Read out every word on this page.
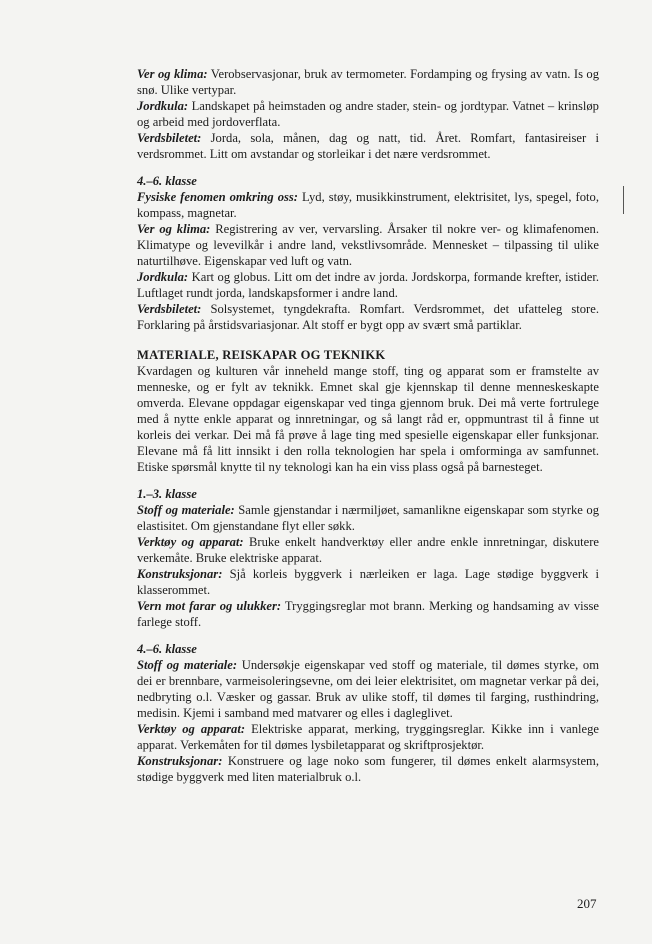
Ver og klima: Verobservasjonar, bruk av termometer. Fordamping og frysing av vatn. Is og snø. Ulike vertypar.

Jordkula: Landskapet på heimstaden og andre stader, stein- og jordtypar. Vatnet – krinsløp og arbeid med jordoverflata.

Verdsbiletet: Jorda, sola, månen, dag og natt, tid. Året. Romfart, fantasireiser i verdsrommet. Litt om avstandar og storleikar i det nære verdsrommet.

4.–6. klasse

Fysiske fenomen omkring oss: Lyd, støy, musikkinstrument, elektrisitet, lys, spegel, foto, kompass, magnetar.

Ver og klima: Registrering av ver, vervarsling. Årsaker til nokre ver- og klimafenomen. Klimatype og levevilkår i andre land, vekstlivsområde. Mennesket – tilpassing til ulike naturtilhøve. Eigenskapar ved luft og vatn.

Jordkula: Kart og globus. Litt om det indre av jorda. Jordskorpa, formande krefter, istider. Luftlaget rundt jorda, landskapsformer i andre land.

Verdsbiletet: Solsystemet, tyngdekrafta. Romfart. Verdsrommet, det ufatteleg store. Forklaring på årstidsvariasjonar. Alt stoff er bygt opp av svært små partiklar.

MATERIALE, REISKAPAR OG TEKNIKK

Kvardagen og kulturen vår inneheld mange stoff, ting og apparat som er framstelte av menneske, og er fylt av teknikk. Emnet skal gje kjennskap til denne menneskeskapte omverda. Elevane oppdagar eigenskapar ved tinga gjennom bruk. Dei må verte fortrulege med å nytte enkle apparat og innretningar, og så langt råd er, oppmuntrast til å finne ut korleis dei verkar. Dei må få prøve å lage ting med spesielle eigenskapar eller funksjonar. Elevane må få litt innsikt i den rolla teknologien har spela i omforminga av samfunnet. Etiske spørsmål knytte til ny teknologi kan ha ein viss plass også på barnesteget.

1.–3. klasse

Stoff og materiale: Samle gjenstandar i nærmiljøet, samanlikne eigenskapar som styrke og elastisitet. Om gjenstandane flyt eller søkk.

Verktøy og apparat: Bruke enkelt handverktøy eller andre enkle innretningar, diskutere verkemåte. Bruke elektriske apparat.

Konstruksjonar: Sjå korleis byggverk i nærleiken er laga. Lage stødige byggverk i klasserommet.

Vern mot farar og ulukker: Tryggingsreglar mot brann. Merking og handsaming av visse farlege stoff.

4.–6. klasse

Stoff og materiale: Undersøkje eigenskapar ved stoff og materiale, til dømes styrke, om dei er brennbare, varmeisoleringsevne, om dei leier elektrisitet, om magnetar verkar på dei, nedbryting o.l. Væsker og gassar. Bruk av ulike stoff, til dømes til farging, rusthindring, medisin. Kjemi i samband med matvarer og elles i dagleglivet.

Verktøy og apparat: Elektriske apparat, merking, tryggingsreglar. Kikke inn i vanlege apparat. Verkemåten for til dømes lysbiletapparat og skriftprosjektør.

Konstruksjonar: Konstruere og lage noko som fungerer, til dømes enkelt alarmsystem, stødige byggverk med liten materialbruk o.l.

207
